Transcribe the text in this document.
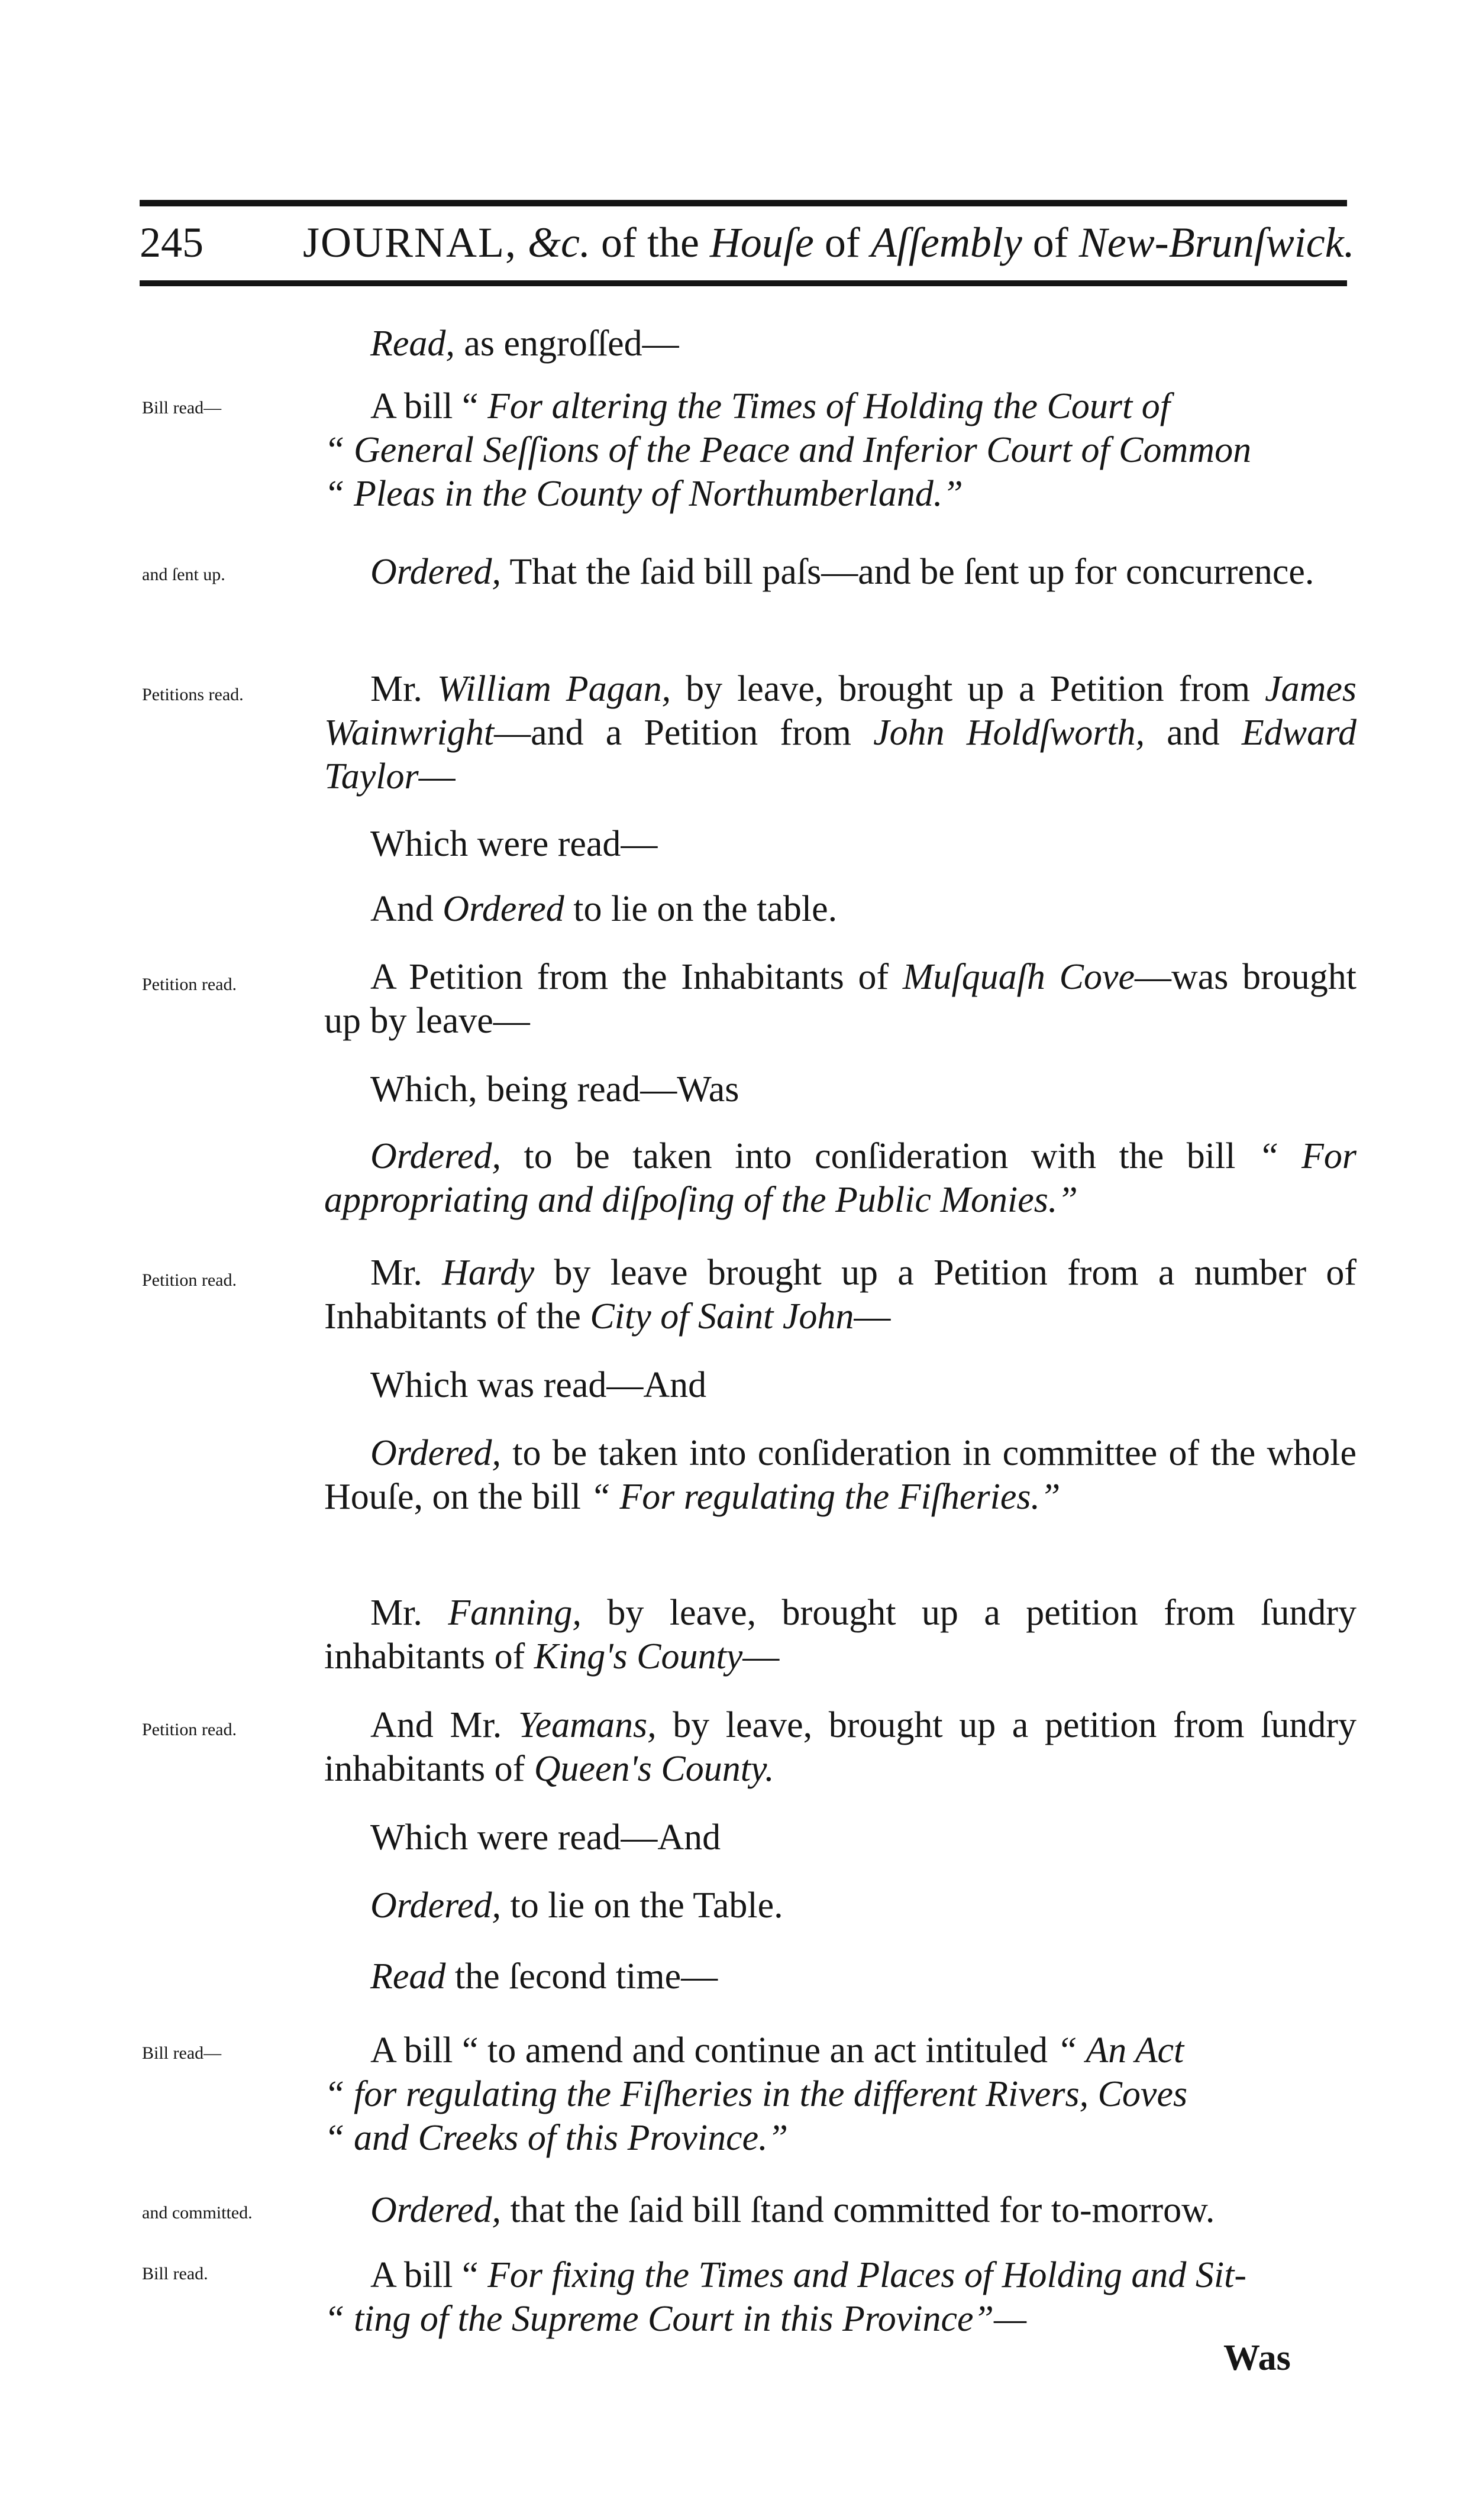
245 JOURNAL, &c. of the Houſe of Aſſembly of New-Brunſwick.
Bill read—
and ſent up.
Petitions read.
Petition read.
Petition read.
Petition read.
Bill read—
and committed.
Bill read.
Read, as engroſſed—
A bill “ For altering the Times of Holding the Court of
“ General Seſſions of the Peace and Inferior Court of Common
“ Pleas in the County of Northumberland.”
Ordered, That the ſaid bill paſs—and be ſent up for concurrence.
Mr. William Pagan, by leave, brought up a Petition from James Wainwright—and a Petition from John Holdſworth, and Edward Taylor—
Which were read—
And Ordered to lie on the table.
A Petition from the Inhabitants of Muſquaſh Cove—was brought up by leave—
Which, being read—Was
Ordered, to be taken into conſideration with the bill “ For appropriating and diſpoſing of the Public Monies.”
Mr. Hardy by leave brought up a Petition from a number of Inhabitants of the City of Saint John—
Which was read—And
Ordered, to be taken into conſideration in committee of the whole Houſe, on the bill “ For regulating the Fiſheries.”
Mr. Fanning, by leave, brought up a petition from ſundry inhabitants of King's County—
And Mr. Yeamans, by leave, brought up a petition from ſundry inhabitants of Queen's County.
Which were read—And
Ordered, to lie on the Table.
Read the ſecond time—
A bill “ to amend and continue an act intituled “ An Act
“ for regulating the Fiſheries in the different Rivers, Coves
“ and Creeks of this Province.”
Ordered, that the ſaid bill ſtand committed for to-morrow.
A bill “ For fixing the Times and Places of Holding and Sit-
“ ting of the Supreme Court in this Province”—
Was
